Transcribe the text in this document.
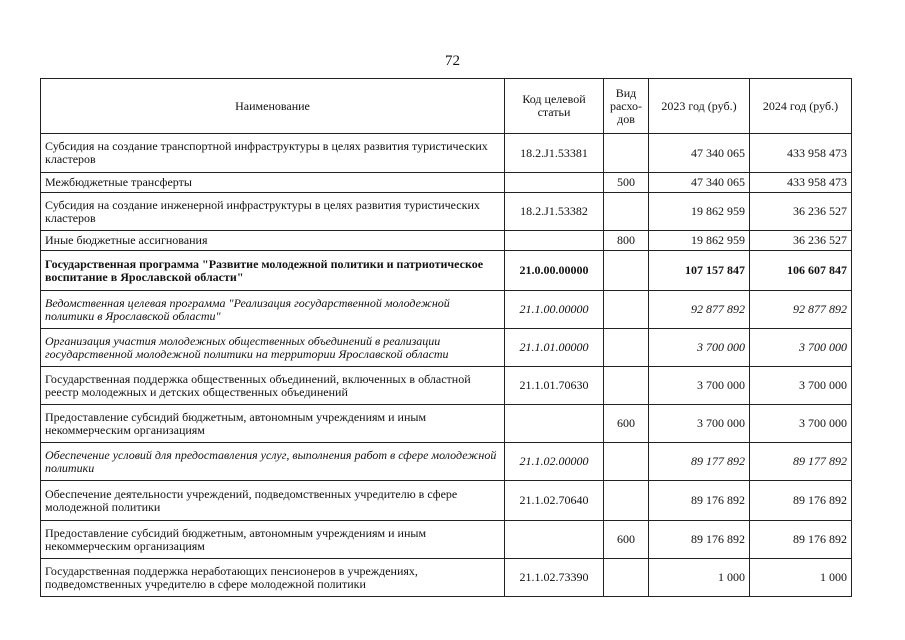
72
Наименование	Код целевой статьи	Вид расхо-дов	2023 год (руб.)	2024 год (руб.)
Субсидия на создание транспортной инфраструктуры в целях развития туристических кластеров	18.2.J1.53381		47 340 065	433 958 473
Межбюджетные трансферты		500	47 340 065	433 958 473
Субсидия на создание инженерной инфраструктуры в целях развития туристических кластеров	18.2.J1.53382		19 862 959	36 236 527
Иные бюджетные ассигнования		800	19 862 959	36 236 527
Государственная программа "Развитие молодежной политики и патриотическое воспитание в Ярославской области"	21.0.00.00000		107 157 847	106 607 847
Ведомственная целевая программа "Реализация государственной молодежной политики в Ярославской области"	21.1.00.00000		92 877 892	92 877 892
Организация участия молодежных общественных объединений в реализации государственной молодежной политики на территории Ярославской области	21.1.01.00000		3 700 000	3 700 000
Государственная поддержка общественных объединений, включенных в областной реестр молодежных и детских общественных объединений	21.1.01.70630		3 700 000	3 700 000
Предоставление субсидий бюджетным, автономным учреждениям и иным некоммерческим организациям		600	3 700 000	3 700 000
Обеспечение условий для предоставления услуг, выполнения работ в сфере молодежной политики	21.1.02.00000		89 177 892	89 177 892
Обеспечение деятельности учреждений, подведомственных учредителю в сфере молодежной политики	21.1.02.70640		89 176 892	89 176 892
Предоставление субсидий бюджетным, автономным учреждениям и иным некоммерческим организациям		600	89 176 892	89 176 892
Государственная поддержка неработающих пенсионеров в учреждениях, подведомственных учредителю в сфере молодежной политики	21.1.02.73390		1 000	1 000
